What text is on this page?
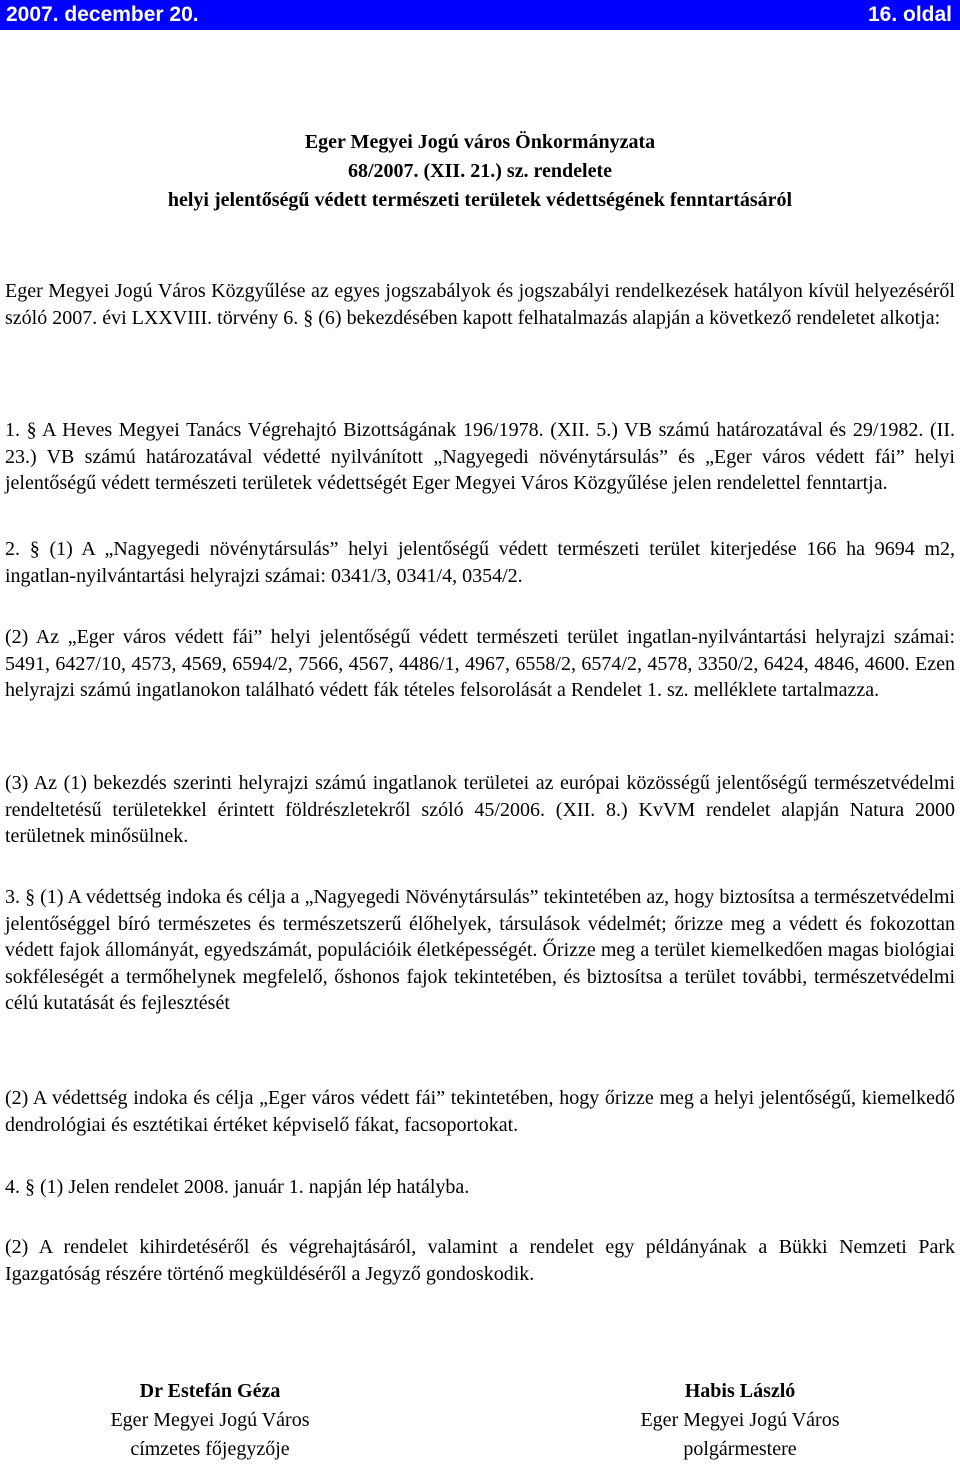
2007. december 20.	16. oldal
Eger Megyei Jogú város Önkormányzata
68/2007. (XII. 21.) sz. rendelete
helyi jelentőségű védett természeti területek védettségének fenntartásáról

Eger Megyei Jogú Város Közgyűlése az egyes jogszabályok és jogszabályi rendelkezések hatályon kívül helyezéséről szóló 2007. évi LXXVIII. törvény 6. § (6) bekezdésében kapott felhatalmazás alapján a következő rendeletet alkotja:

1. § A Heves Megyei Tanács Végrehajtó Bizottságának 196/1978. (XII. 5.) VB számú határozatával és 29/1982. (II. 23.) VB számú határozatával védetté nyilvánított „Nagyegedi növénytársulás” és „Eger város védett fái” helyi jelentőségű védett természeti területek védettségét Eger Megyei Város Közgyűlése jelen rendelettel fenntartja.

2. § (1) A „Nagyegedi növénytársulás” helyi jelentőségű védett természeti terület kiterjedése 166 ha 9694 m2, ingatlan-nyilvántartási helyrajzi számai: 0341/3, 0341/4, 0354/2.

(2) Az „Eger város védett fái” helyi jelentőségű védett természeti terület ingatlan-nyilvántartási helyrajzi számai: 5491, 6427/10, 4573, 4569, 6594/2, 7566, 4567, 4486/1, 4967, 6558/2, 6574/2, 4578, 3350/2, 6424, 4846, 4600. Ezen helyrajzi számú ingatlanokon található védett fák tételes felsorolását a Rendelet 1. sz. melléklete tartalmazza.

(3) Az (1) bekezdés szerinti helyrajzi számú ingatlanok területei az európai közösségű jelentőségű természetvédelmi rendeltetésű területekkel érintett földrészletekről szóló 45/2006. (XII. 8.) KvVM rendelet alapján Natura 2000 területnek minősülnek.

3. § (1) A védettség indoka és célja a „Nagyegedi Növénytársulás” tekintetében az, hogy biztosítsa a természetvédelmi jelentőséggel bíró természetes és természetszerű élőhelyek, társulások védelmét; őrizze meg a védett és fokozottan védett fajok állományát, egyedszámát, populációik életképességét. Őrizze meg a terület kiemelkedően magas biológiai sokféleségét a termőhelynek megfelelő, őshonos fajok tekintetében, és biztosítsa a terület további, természetvédelmi célú kutatását és fejlesztését

(2) A védettség indoka és célja „Eger város védett fái” tekintetében, hogy őrizze meg a helyi jelentőségű, kiemelkedő dendrológiai és esztétikai értéket képviselő fákat, facsoportokat.

4. § (1) Jelen rendelet 2008. január 1. napján lép hatályba.

(2) A rendelet kihirdetéséről és végrehajtásáról, valamint a rendelet egy példányának a Bükki Nemzeti Park Igazgatóság részére történő megküldéséről a Jegyző gondoskodik.

Dr Estefán Géza
Eger Megyei Jogú Város
címzetes főjegyzője
Habis László
Eger Megyei Jogú Város
polgármestere
